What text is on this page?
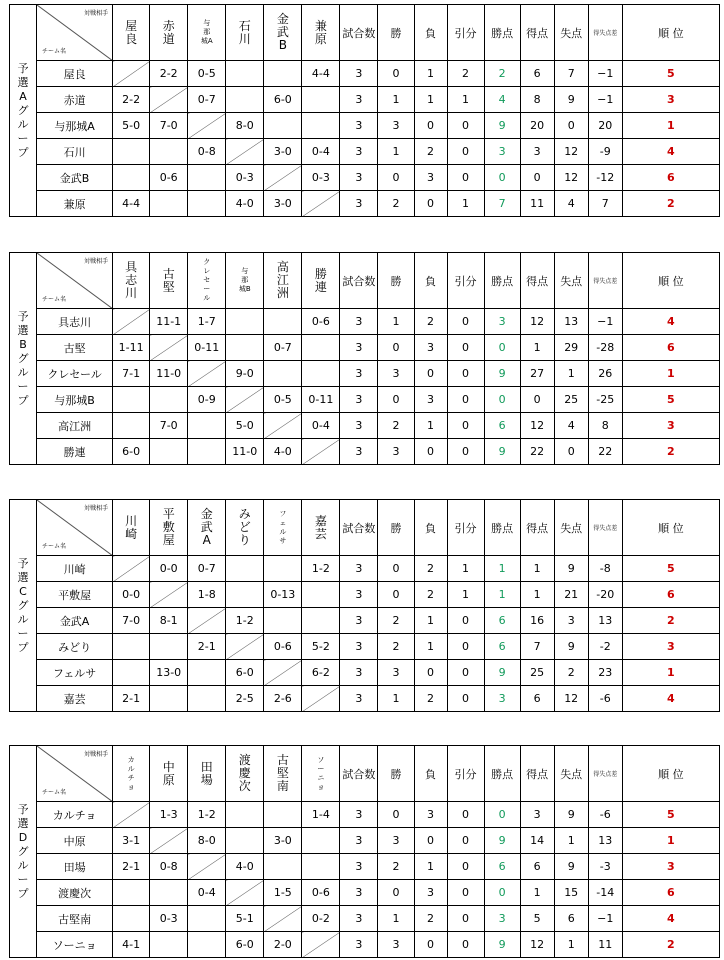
予選Aグループ	対戦相手
チーム名	屋良	赤道	与那城A	石川	金武B	兼原	試合数	勝	負	引分	勝点	得点	失点	得失点差	順 位
	屋良		2-2	0-5			4-4	3	0	1	2	2	6	7	−1	5
	赤道	2-2		0-7		6-0		3	1	1	1	4	8	9	−1	3
	与那城A	5-0	7-0		8-0			3	3	0	0	9	20	0	20	1
	石川			0-8		3-0	0-4	3	1	2	0	3	3	12	-9	4
	金武B		0-6		0-3		0-3	3	0	3	0	0	0	12	-12	6
	兼原	4-4			4-0	3-0		3	2	0	1	7	11	4	7	2
予選Bグループ	対戦相手
チーム名	具志川	古堅	クレセール	与那城B	高江洲	勝連	試合数	勝	負	引分	勝点	得点	失点	得失点差	順 位
	具志川		11-1	1-7			0-6	3	1	2	0	3	12	13	−1	4
	古堅	1-11		0-11		0-7		3	0	3	0	0	1	29	-28	6
	クレセール	7-1	11-0		9-0			3	3	0	0	9	27	1	26	1
	与那城B			0-9		0-5	0-11	3	0	3	0	0	0	25	-25	5
	高江洲		7-0		5-0		0-4	3	2	1	0	6	12	4	8	3
	勝連	6-0			11-0	4-0		3	3	0	0	9	22	0	22	2
予選Cグループ	対戦相手
チーム名	川崎	平敷屋	金武A	みどり	フェルサ	嘉芸	試合数	勝	負	引分	勝点	得点	失点	得失点差	順 位
	川崎		0-0	0-7			1-2	3	0	2	1	1	1	9	-8	5
	平敷屋	0-0		1-8		0-13		3	0	2	1	1	1	21	-20	6
	金武A	7-0	8-1		1-2			3	2	1	0	6	16	3	13	2
	みどり			2-1		0-6	5-2	3	2	1	0	6	7	9	-2	3
	フェルサ		13-0		6-0		6-2	3	3	0	0	9	25	2	23	1
	嘉芸	2-1			2-5	2-6		3	1	2	0	3	6	12	-6	4
予選Dグループ	対戦相手
チーム名	カルチョ	中原	田場	渡慶次	古堅南	ソーニョ	試合数	勝	負	引分	勝点	得点	失点	得失点差	順 位
	カルチョ		1-3	1-2			1-4	3	0	3	0	0	3	9	-6	5
	中原	3-1		8-0		3-0		3	3	0	0	9	14	1	13	1
	田場	2-1	0-8		4-0			3	2	1	0	6	6	9	-3	3
	渡慶次			0-4		1-5	0-6	3	0	3	0	0	1	15	-14	6
	古堅南		0-3		5-1		0-2	3	1	2	0	3	5	6	−1	4
	ソーニョ	4-1			6-0	2-0		3	3	0	0	9	12	1	11	2
